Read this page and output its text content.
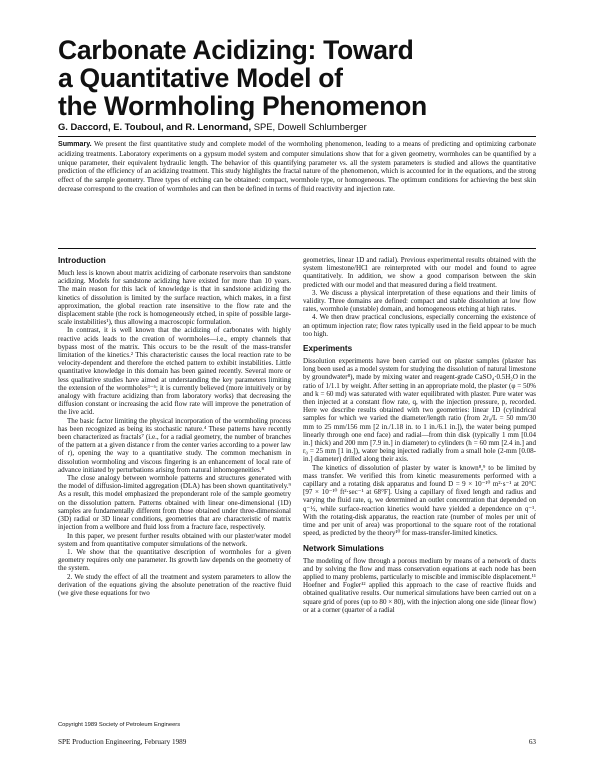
Carbonate Acidizing: Toward
a Quantitative Model of
the Wormholing Phenomenon
G. Daccord, E. Touboul, and R. Lenormand, SPE, Dowell Schlumberger

Summary. We present the first quantitative study and complete model of the wormholing phenomenon, leading to a means of predicting and optimizing carbonate acidizing treatments. Laboratory experiments on a gypsum model system and computer simulations show that for a given geometry, wormholes can be quantified by a unique parameter, their equivalent hydraulic length. The behavior of this quantifying parameter vs. all the system parameters is studied and allows the quantitative prediction of the efficiency of an acidizing treatment. This study highlights the fractal nature of the phenomenon, which is accounted for in the equations, and the strong effect of the sample geometry. Three types of etching can be obtained: compact, wormhole type, or homogeneous. The optimum conditions for achieving the best skin decrease correspond to the creation of wormholes and can then be defined in terms of fluid reactivity and injection rate.

Introduction

Much less is known about matrix acidizing of carbonate reservoirs than sandstone acidizing. Models for sandstone acidizing have existed for more than 10 years. The main reason for this lack of knowledge is that in sandstone acidizing the kinetics of dissolution is limited by the surface reaction, which makes, in a first approximation, the global reaction rate insensitive to the flow rate and the displacement stable (the rock is homogeneously etched, in spite of possible large-scale instabilities¹), thus allowing a macroscopic formulation.

In contrast, it is well known that the acidizing of carbonates with highly reactive acids leads to the creation of wormholes—i.e., empty channels that bypass most of the matrix. This occurs to be the result of the mass-transfer limitation of the kinetics.² This characteristic causes the local reaction rate to be velocity-dependent and therefore the etched pattern to exhibit instabilities. Little quantitative knowledge in this domain has been gained recently. Several more or less qualitative studies have aimed at understanding the key parameters limiting the extension of the wormholes³⁻⁶; it is currently believed (more intuitively or by analogy with fracture acidizing than from laboratory works) that decreasing the diffusion constant or increasing the acid flow rate will improve the penetration of the live acid.

The basic factor limiting the physical incorporation of the wormholing process has been recognized as being its stochastic nature.⁴ These patterns have recently been characterized as fractals⁷ (i.e., for a radial geometry, the number of branches of the pattern at a given distance r from the center varies according to a power law of r), opening the way to a quantitative study. The common mechanism in dissolution wormholing and viscous fingering is an enhancement of local rate of advance initiated by perturbations arising from natural inhomogeneities.⁸

The close analogy between wormhole patterns and structures generated with the model of diffusion-limited aggregation (DLA) has been shown quantitatively.⁹ As a result, this model emphasized the preponderant role of the sample geometry on the dissolution pattern. Patterns obtained with linear one-dimensional (1D) samples are fundamentally different from those obtained under three-dimensional (3D) radial or 3D linear conditions, geometries that are characteristic of matrix injection from a wellbore and fluid loss from a fracture face, respectively.

In this paper, we present further results obtained with our plaster/water model system and from quantitative computer simulations of the network.

1. We show that the quantitative description of wormholes for a given geometry requires only one parameter. Its growth law depends on the geometry of the system.

2. We study the effect of all the treatment and system parameters to allow the derivation of the equations giving the absolute penetration of the reactive fluid (we give these equations for two

geometries, linear 1D and radial). Previous experimental results obtained with the system limestone/HCl are reinterpreted with our model and found to agree quantitatively. In addition, we show a good comparison between the skin predicted with our model and that measured during a field treatment.

3. We discuss a physical interpretation of these equations and their limits of validity. Three domains are defined: compact and stable dissolution at low flow rates, wormhole (unstable) domain, and homogeneous etching at high rates.

4. We then draw practical conclusions, especially concerning the existence of an optimum injection rate; flow rates typically used in the field appear to be much too high.

Experiments

Dissolution experiments have been carried out on plaster samples (plaster has long been used as a model system for studying the dissolution of natural limestone by groundwater⁸), made by mixing water and reagent-grade CaSO₄·0.5H₂O in the ratio of 1/1.1 by weight. After setting in an appropriate mold, the plaster (φ = 50% and k = 60 md) was saturated with water equilibrated with plaster. Pure water was then injected at a constant flow rate, q, with the injection pressure, p, recorded. Here we describe results obtained with two geometries: linear 1D (cylindrical samples for which we varied the diameter/length ratio (from 2r₀/L = 50 mm/30 mm to 25 mm/156 mm [2 in./1.18 in. to 1 in./6.1 in.]), the water being pumped linearly through one end face) and radial—from thin disk (typically 1 mm [0.04 in.] thick) and 200 mm [7.9 in.] in diameter) to cylinders (h = 60 mm [2.4 in.] and r₀ = 25 mm [1 in.]), water being injected radially from a small hole (2-mm [0.08-in.] diameter) drilled along their axis.

The kinetics of dissolution of plaster by water is known⁸,⁹ to be limited by mass transfer. We verified this from kinetic measurements performed with a capillary and a rotating disk apparatus and found D = 9 × 10⁻¹⁰ m²·s⁻¹ at 20°C [97 × 10⁻¹⁰ ft²·sec⁻¹ at 68°F]. Using a capillary of fixed length and radius and varying the fluid rate, q, we determined an outlet concentration that depended on q⁻½, while surface-reaction kinetics would have yielded a dependence on q⁻¹. With the rotating-disk apparatus, the reaction rate (number of moles per unit of time and per unit of area) was proportional to the square root of the rotational speed, as predicted by the theory¹⁰ for mass-transfer-limited kinetics.

Network Simulations

The modeling of flow through a porous medium by means of a network of ducts and by solving the flow and mass conservation equations at each node has been applied to many problems, particularly to miscible and immiscible displacement.¹¹ Hoefner and Fogler¹² applied this approach to the case of reactive fluids and obtained qualitative results. Our numerical simulations have been carried out on a square grid of pores (up to 80 × 80), with the injection along one side (linear flow) or at a corner (quarter of a radial

Copyright 1989 Society of Petroleum Engineers
SPE Production Engineering, February 1989	63
